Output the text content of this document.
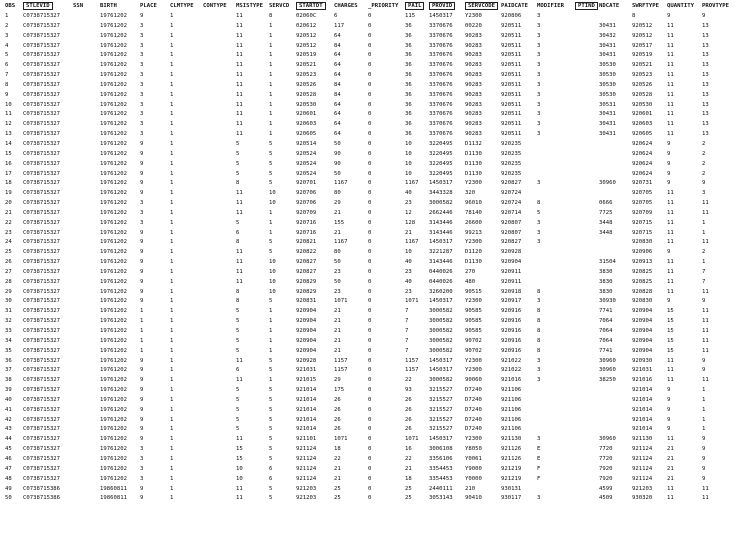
OBS	STLEVID	SSN	BIRTH	PLACE	CLMTYPE	CONTYPE	MSISTYPE	SERVCD	STARTDT	CHARGES	_PRIORITY	PAIL	PROVID	SERVCODE	PAIDCATE	MODIFIER	PTIND	NDCATE	SWRFTYPE	QUANTITY	PROVTYPE
1	C0738715327		19761202	9	1		11	8	02060C	6	0	115	1450317	Y2300	920806	3			8	9	9
2	C0738715327		19761202	3	1		11	1	020612	117	0	36	3370676	00220	920511	3		30431	920512	11	13
3	C0738715327		19761202	3	1		11	1	920512	64	0	36	3370676	90283	920511	3		30432	920512	11	13
4	C0738715327		19761202	3	1		11	1	920512	84	0	36	3370676	90283	920511	3		30431	920517	11	13
5	C0738715327		19761202	3	1		11	1	920519	64	0	36	3370676	90283	920511	3		30431	920519	11	13
6	C0738715327		19761202	3	1		11	1	920521	64	0	36	3370676	90283	920511	3		30530	920521	11	13
7	C0738715327		19761202	3	1		11	1	920523	64	0	36	3370676	90283	920511	3		30530	920523	11	13
8	C0738715327		19761202	3	1		11	1	920526	84	0	36	3370676	90283	920511	3		30530	920526	11	13
9	C0738715327		19761202	3	1		11	1	920528	84	0	36	3370676	90283	920511	3		30530	920528	11	13
10	C0738715327		19761202	3	1		11	1	920530	64	0	36	3370676	90283	920511	3		30531	920530	11	13
11	C0738715327		19761202	3	1		11	1	920601	64	0	36	3370676	90283	920511	3		30431	920601	11	13
12	C0738715327		19761202	3	1		11	1	920603	64	0	36	3370676	90283	920511	3		30431	920603	11	13
13	C0738715327		19761202	3	1		11	1	920605	64	0	36	3370676	90283	920511	3		30431	920605	11	13
14	C0738715327		19761202	9	1		5	5	920514	50	0	10	3220495	D1132	920235				920624	9	2
15	C0738715327		19761202	9	1		5	5	920524	90	0	10	3220495	D1130	920235				920624	9	2
16	C0738715327		19761202	9	1		5	5	920524	90	0	10	3220495	D1130	920235				920624	9	2
17	C0738715327		19761202	9	1		5	5	920524	50	0	10	3220495	D1130	920235				920624	9	2
18	C0738715327		19761202	9	1		8	5	920701	1167	0	1167	1450317	Y2300	920827	3		30960	920731	9	9
19	C0738715327		19761202	9	1		11	10	920706	80	0	40	3443328	320	920724				920705	11	3
20	C0738715327		19761202	3	1		11	10	920706	29	0	23	3000582	96010	920724	8		0666	920705	11	11
21	C0738715327		19761202	3	1		11	1	920709	21	0	12	2662446	78140	920714	5		7725	920709	11	11
22	C0738715327		19761202	3	1		5	1	920716	155	0	128	3143446	26600	920807	3		3448	920715	11	1
23	C0738715327		19761202	9	1		6	1	920716	21	0	21	3143446	99213	920807	3		3448	920715	11	1
24	C0738715327		19761202	9	1		8	5	920821	1167	0	1167	1450317	Y2300	920827	3			920830	11	11
25	C0738715327		19761202	9	1		11	5	920822	80	0	10	3221287	D1120	920928				920906	9	2
26	C0738715327		19761202	9	1		11	10	920827	50	0	40	3143446	D1130	920904			31504	920913	11	1
27	C0738715327		19761202	9	1		11	10	920827	23	0	23	0440026	270	920911			3830	920825	11	7
28	C0738715327		19761202	9	1		11	10	920829	50	0	40	0440026	480	920911			3830	920825	11	7
29	C0738715327		19761202	9	1		8	10	920829	23	0	23	3260200	90515	920918	8		3830	920828	11	11
30	C0738715327		19761202	9	1		8	5	920831	1071	0	1071	1450317	Y2300	920917	3		30930	920830	9	9
31	C0738715327		19761202	1	1		5	1	920904	21	0	7	3000582	90585	920916	8		7741	920904	15	11
32	C0738715327		19761202	1	1		5	1	920904	21	0	7	3000582	90585	920916	8		7064	920904	15	11
33	C0738715327		19761202	1	1		5	1	920904	21	0	7	3000582	90585	920916	8		7064	920904	15	11
34	C0738715327		19761202	1	1		5	1	920904	21	0	7	3000582	90702	920916	8		7064	920904	15	11
35	C0738715327		19761202	1	1		5	1	920904	21	0	7	3000582	90702	920916	8		7741	920904	15	11
36	C0738715327		19761202	9	1		11	5	920928	1157	0	1157	1450317	Y2300	921022	3		30960	920930	11	9
37	C0738715327		19761202	9	1		6	5	921031	1157	0	1157	1450317	Y2300	921022	3		30960	921031	11	9
38	C0738715327		19761202	9	1		11	1	921015	29	0	22	3000582	90060	921016	3		38250	921016	11	11
39	C0738715327		19761202	9	1		5	5	921014	175	0	93	3215527	D7240	921106				921014	9	1
40	C0738715327		19761202	9	1		5	5	921014	26	0	26	3215527	D7240	921106				921014	9	1
41	C0738715327		19761202	9	1		5	5	921014	26	0	26	3215527	D7240	921106				921014	9	1
42	C0738715327		19761202	9	1		5	5	921014	26	0	26	3215527	D7240	921106				921014	9	1
43	C0738715327		19761202	9	1		5	5	921014	26	0	26	3215527	D7240	921106				921014	9	1
44	C0738715327		19761202	9	1		11	5	921101	1071	0	1071	1450317	Y2300	921130	3		30960	921130	11	9
45	C0738715327		19761202	3	1		15	5	921124	18	0	16	3006108	Y8050	921126	E		7720	921124	21	9
46	C0738715327		19761202	3	1		15	5	921124	22	0	22	3356106	Y0061	921126	E		7720	921124	21	9
47	C0738715327		19761202	3	1		10	6	921124	21	0	21	3354453	Y9000	921219	F		7920	921124	21	9
48	C0738715327		19761202	3	1		10	6	921124	21	0	18	3354453	Y0000	921219	F		7920	921124	21	9
49	C0738715386		19860811	9	1		11	5	921203	25	0	25	2440111	210	930131			4599	921203	11	11
50	C0738715386		19860811	9	1		11	5	921203	25	0	25	3053143	90410	930117	3		4509	930320	11	11
